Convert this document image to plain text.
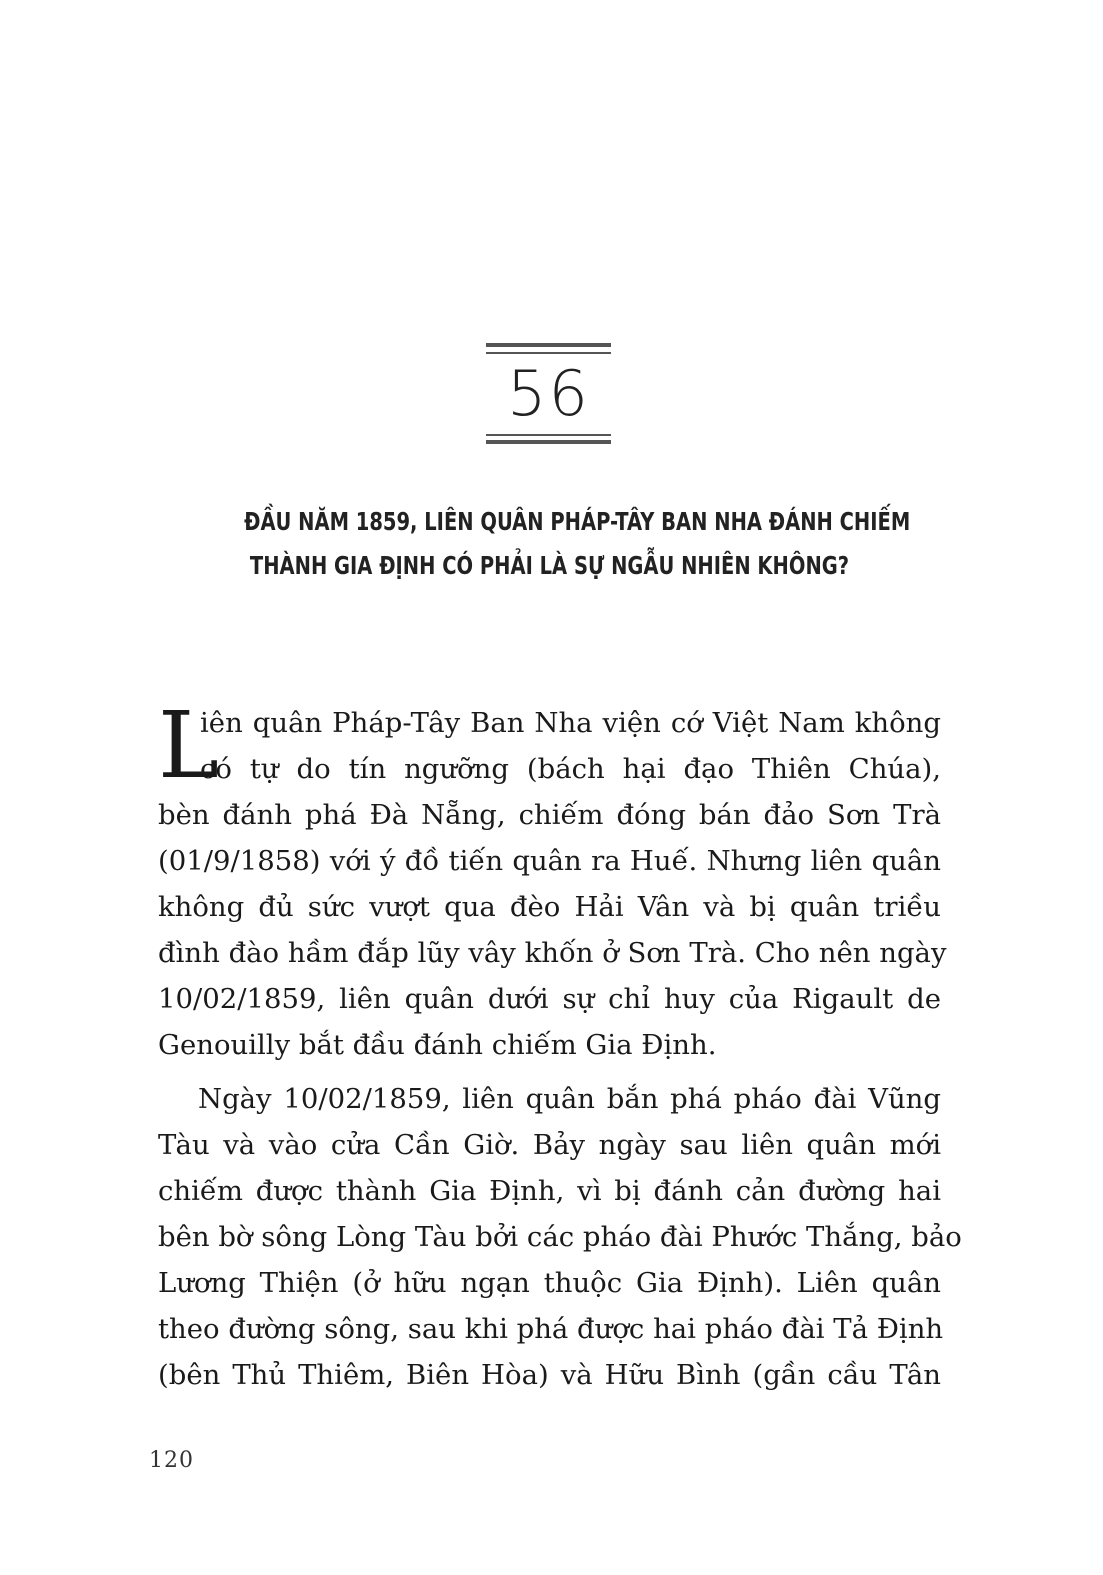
56
ĐẦU NĂM 1859, LIÊN QUÂN PHÁP-TÂY BAN NHA ĐÁNH CHIẾM
THÀNH GIA ĐỊNH CÓ PHẢI LÀ SỰ NGẪU NHIÊN KHÔNG?
L
iên quân Pháp-Tây Ban Nha viện cớ Việt Nam không
có tự do tín ngưỡng (bách hại đạo Thiên Chúa),
bèn đánh phá Đà Nẵng, chiếm đóng bán đảo Sơn Trà
(01/9/1858) với ý đồ tiến quân ra Huế. Nhưng liên quân
không đủ sức vượt qua đèo Hải Vân và bị quân triều
đình đào hầm đắp lũy vây khốn ở Sơn Trà. Cho nên ngày
10/02/1859, liên quân dưới sự chỉ huy của Rigault de
Genouilly bắt đầu đánh chiếm Gia Định.
Ngày 10/02/1859, liên quân bắn phá pháo đài Vũng
Tàu và vào cửa Cần Giờ. Bảy ngày sau liên quân mới
chiếm được thành Gia Định, vì bị đánh cản đường hai
bên bờ sông Lòng Tàu bởi các pháo đài Phước Thắng, bảo
Lương Thiện (ở hữu ngạn thuộc Gia Định). Liên quân
theo đường sông, sau khi phá được hai pháo đài Tả Định
(bên Thủ Thiêm, Biên Hòa) và Hữu Bình (gần cầu Tân
120
